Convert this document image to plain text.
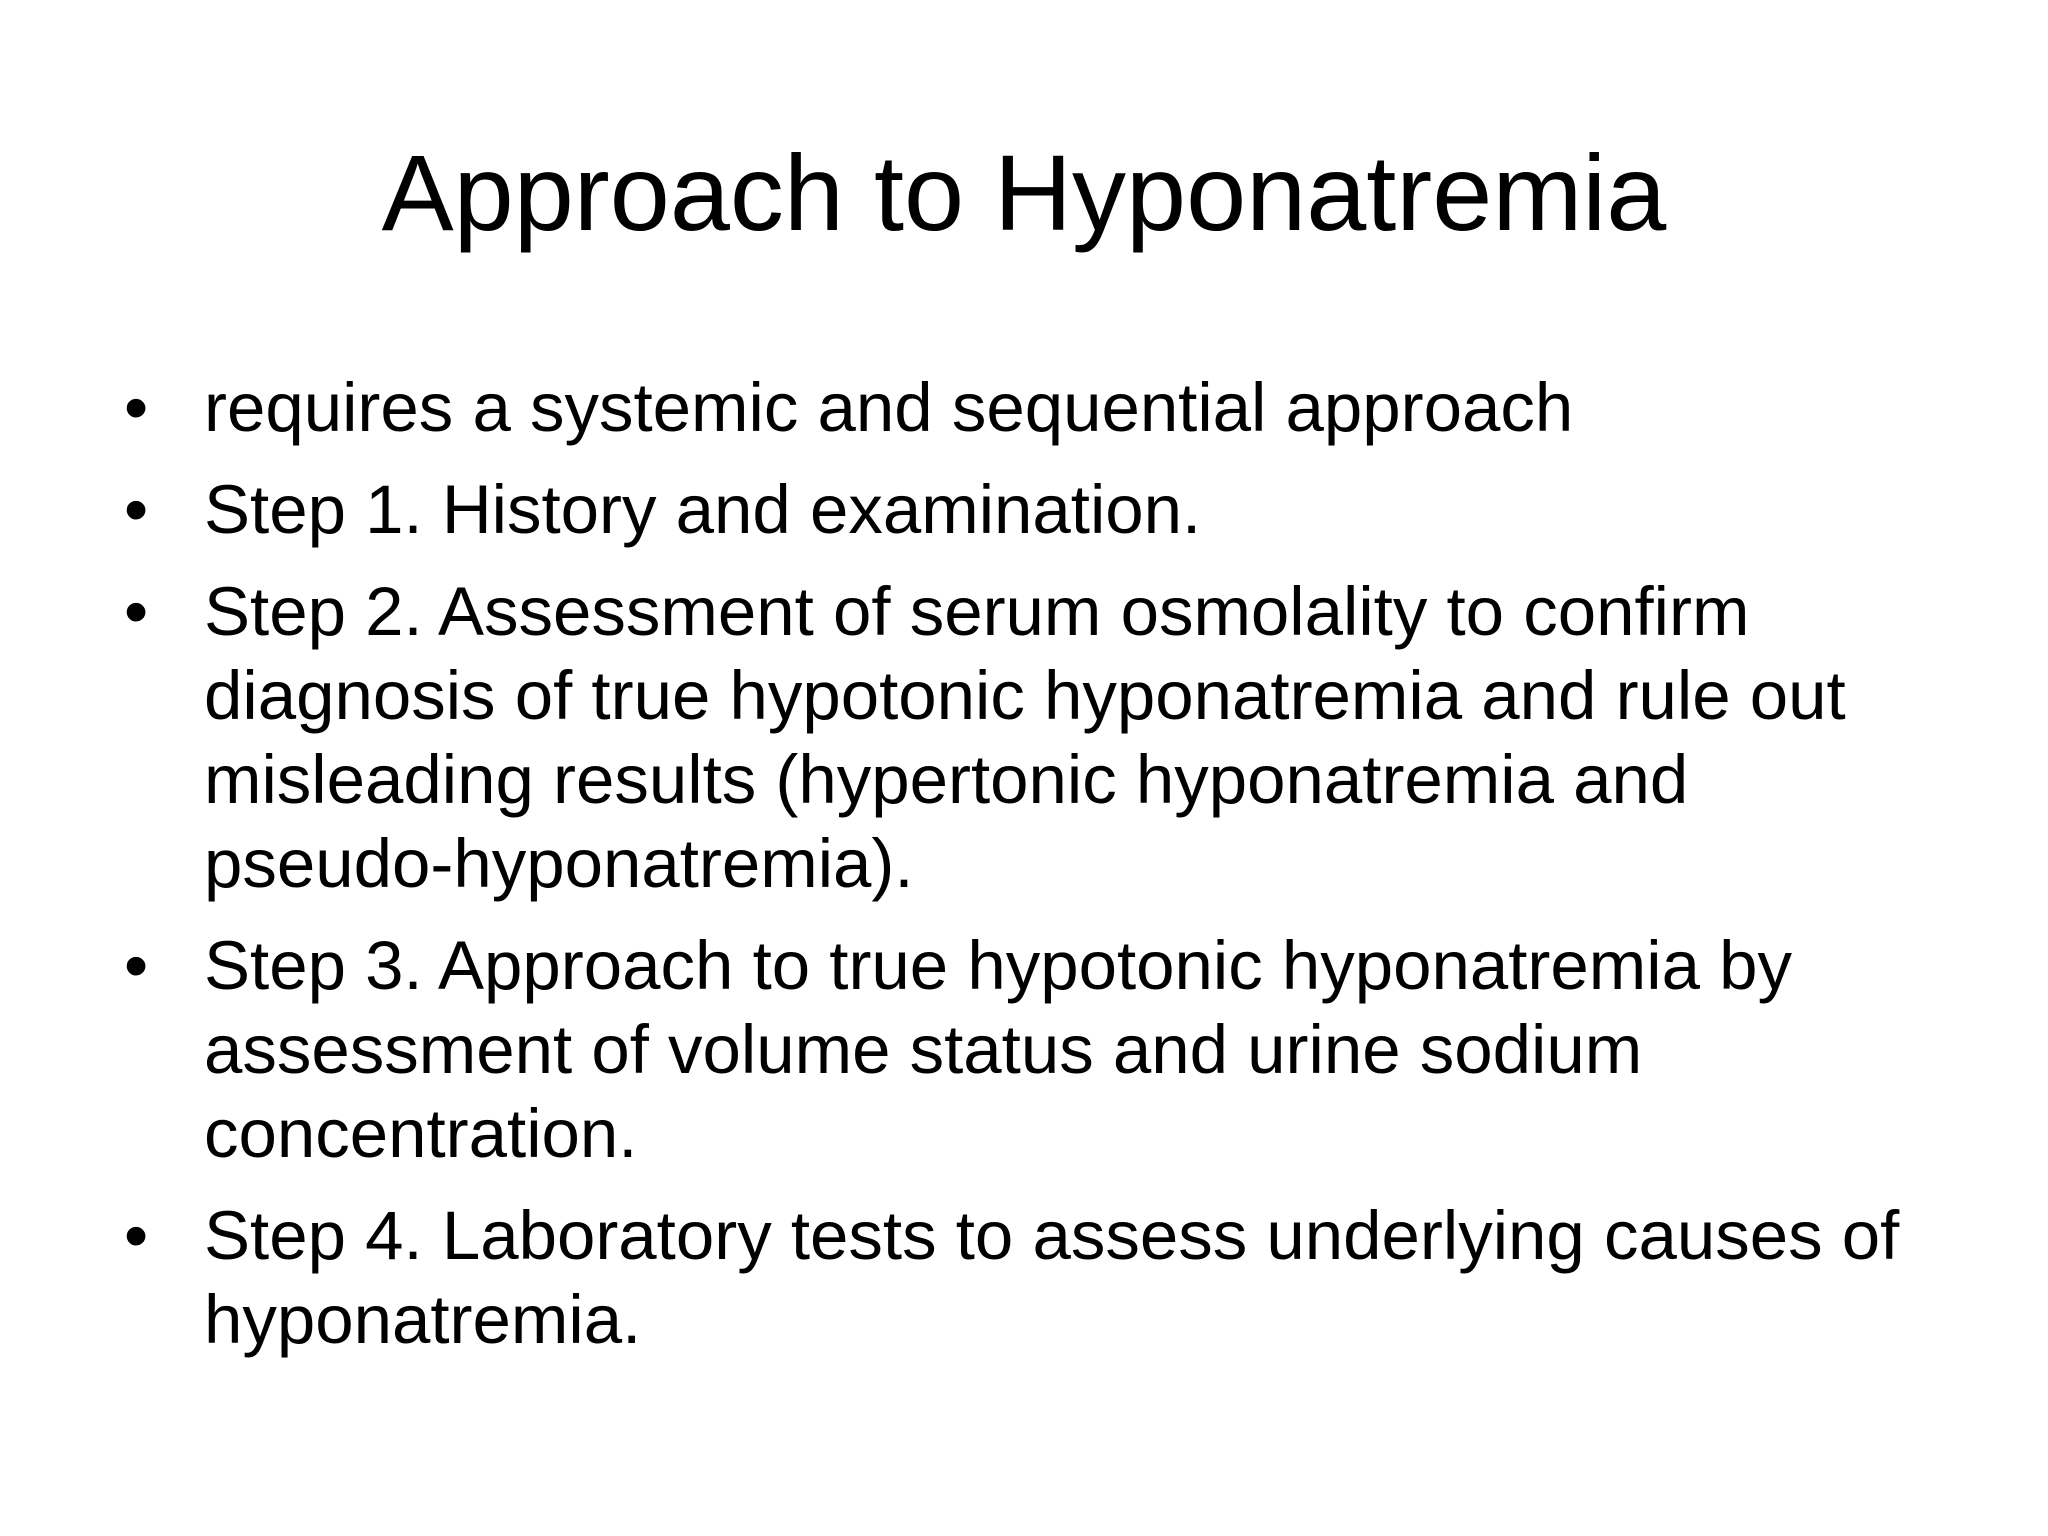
Approach to Hyponatremia
• requires a systemic and sequential approach
• Step 1. History and examination.
• Step 2. Assessment of serum osmolality to confirm diagnosis of true hypotonic hyponatremia and rule out misleading results (hypertonic hyponatremia and pseudo-hyponatremia).
• Step 3. Approach to true hypotonic hyponatremia by assessment of volume status and urine sodium concentration.
• Step 4. Laboratory tests to assess underlying causes of hyponatremia.
